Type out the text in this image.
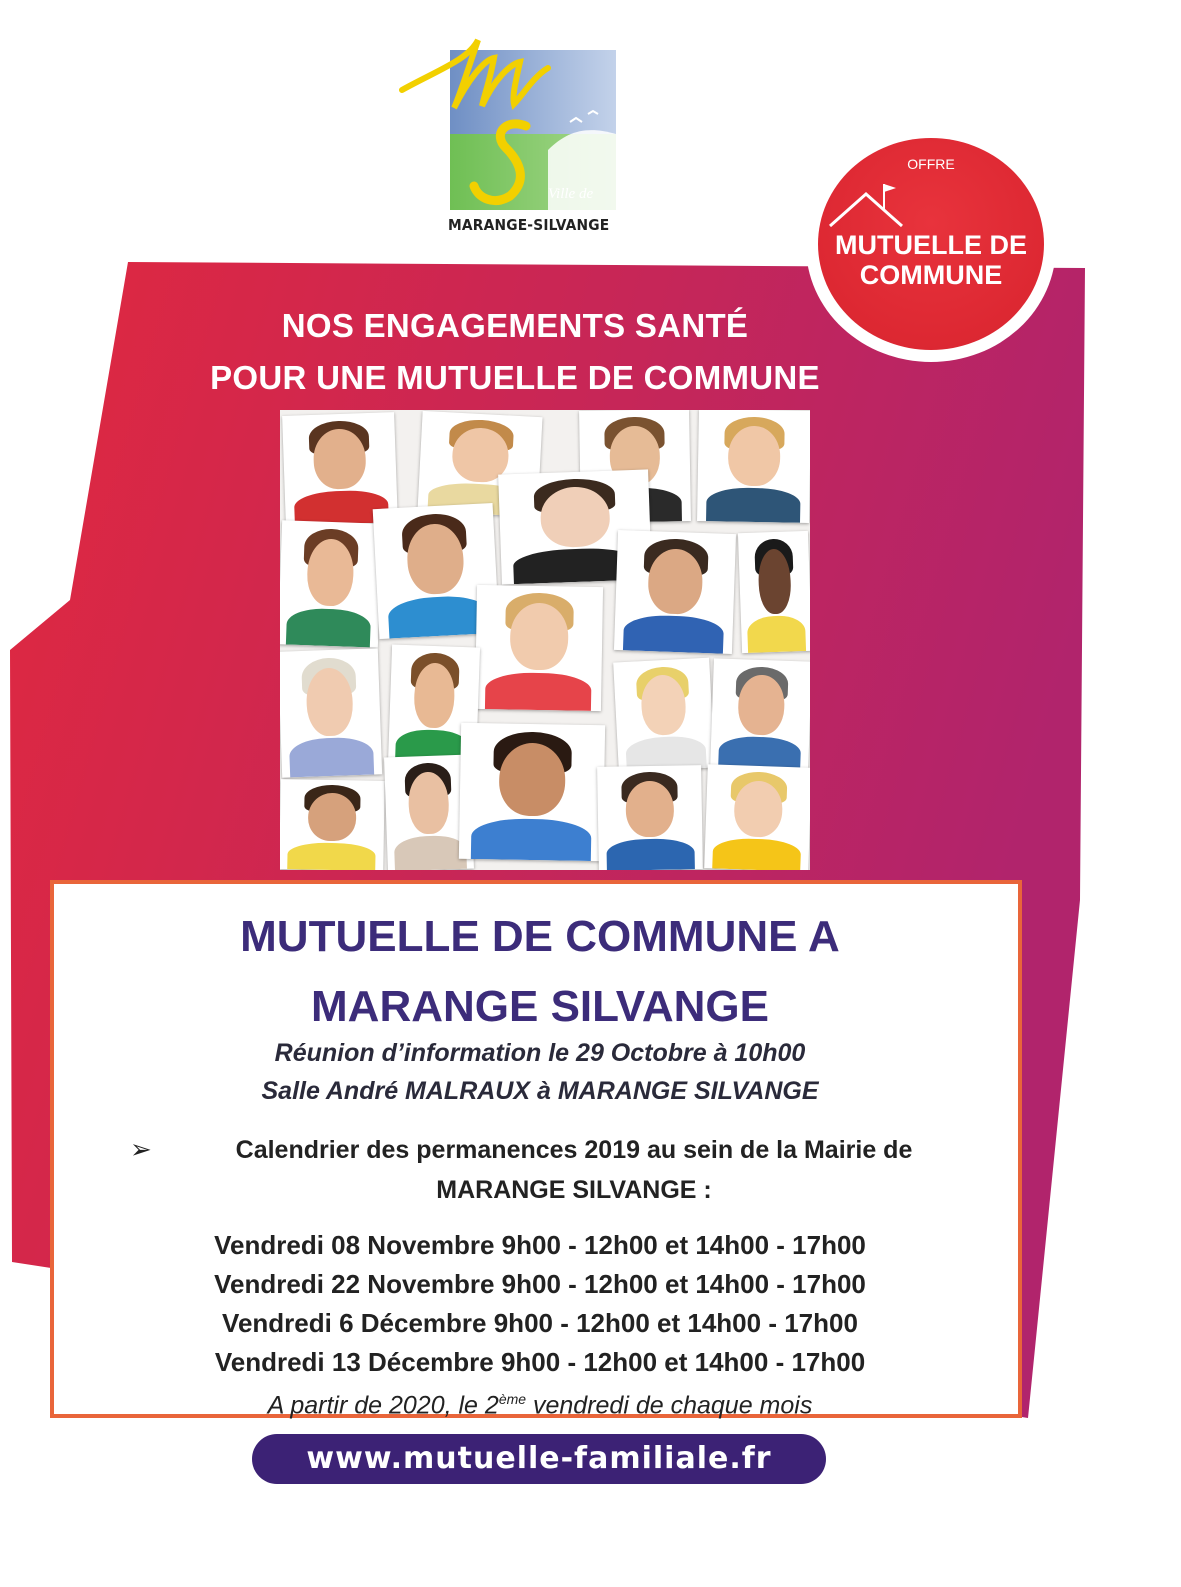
Ville de
MARANGE-SILVANGE
NOS ENGAGEMENTS SANTÉ
POUR UNE MUTUELLE DE COMMUNE
OFFRE
MUTUELLE DE
COMMUNE
MUTUELLE DE COMMUNE A
MARANGE SILVANGE
Réunion d’information le 29 Octobre à 10h00
Salle André MALRAUX à MARANGE SILVANGE
➢	Calendrier des permanences 2019 au sein de la Mairie de
MARANGE SILVANGE :
Vendredi 08 Novembre 9h00 - 12h00 et 14h00 - 17h00
Vendredi 22 Novembre 9h00 - 12h00 et 14h00 - 17h00
Vendredi 6 Décembre 9h00 - 12h00 et 14h00 - 17h00
Vendredi 13 Décembre 9h00 - 12h00 et 14h00 - 17h00
A partir de 2020, le 2ème vendredi de chaque mois
www.mutuelle-familiale.fr
